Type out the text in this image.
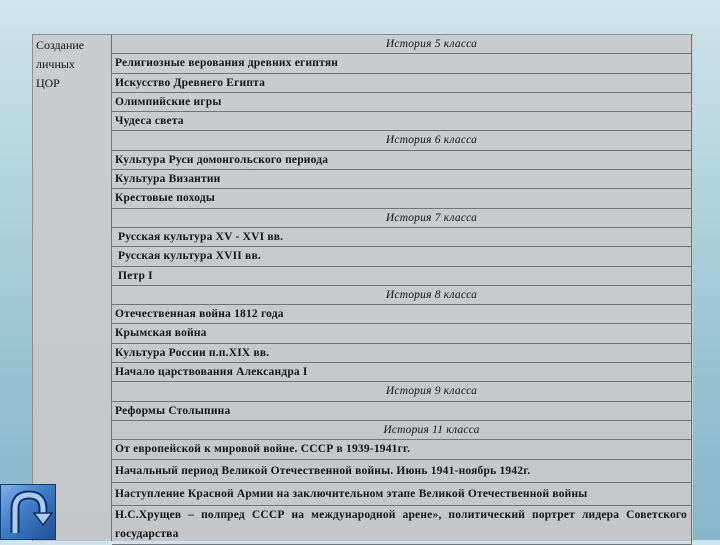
Создание
личных
ЦОР
История 5 класса
Религиозные верования древних египтян
Искусство Древнего Египта
Олимпийские игры
Чудеса света
История 6 класса
Культура Руси домонгольского периода
Культура Византии
Крестовые походы
История 7 класса
Русская культура XV - XVI вв.
Русская культура XVII вв.
Петр I
История 8 класса
Отечественная война 1812 года
Крымская война
Культура России п.п.XIX вв.
Начало царствования Александра I
История 9 класса
Реформы Столыпина
История 11 класса
От европейской к мировой войне. СССР в 1939-1941гг.
Начальный период Великой Отечественной войны. Июнь 1941-ноябрь 1942г.
Наступление Красной Армии на заключительном этапе Великой Отечественной войны
Н.С.Хрущев – полпред СССР на международной арене», политический портрет лидера Советского государства
